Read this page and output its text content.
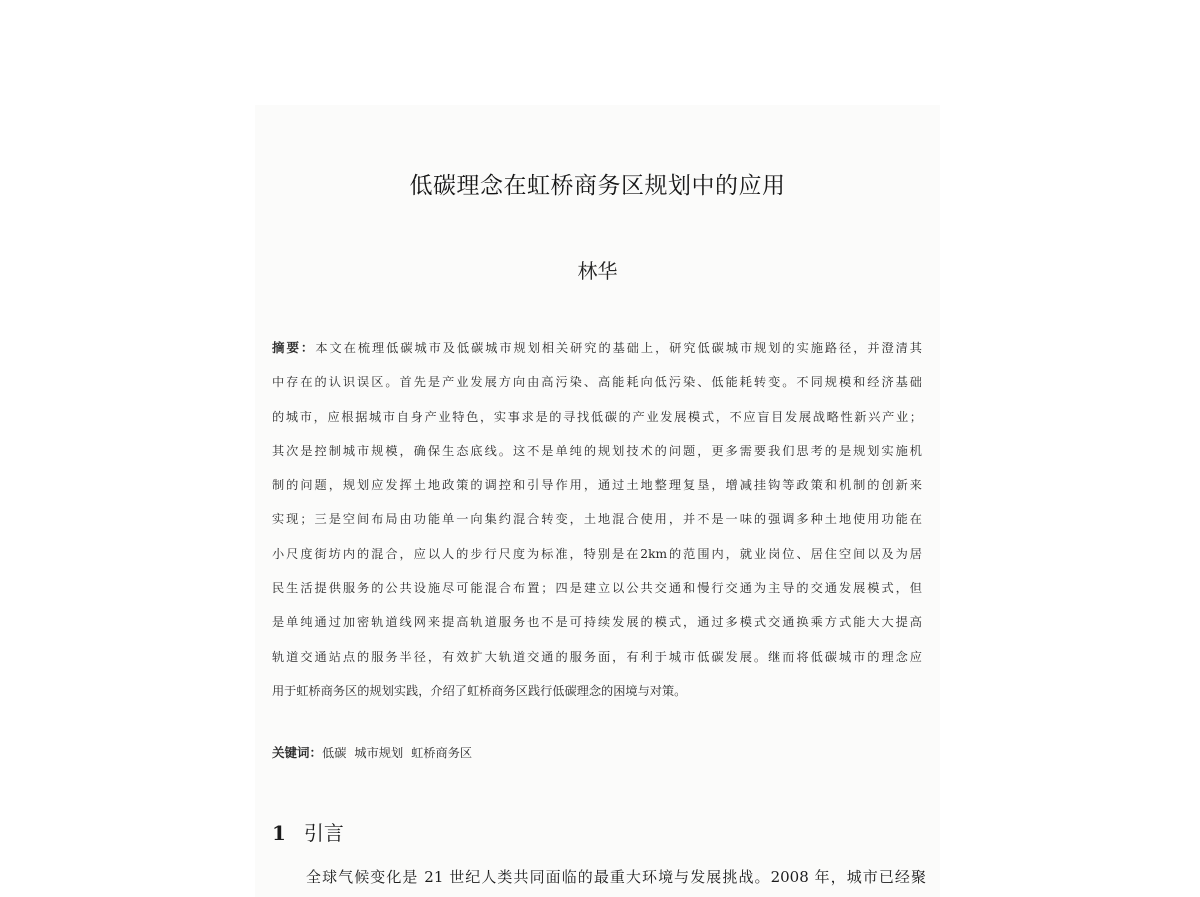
低碳理念在虹桥商务区规划中的应用
林华
摘要：本文在梳理低碳城市及低碳城市规划相关研究的基础上，研究低碳城市规划的实施路径，并澄清其
中存在的认识误区。首先是产业发展方向由高污染、高能耗向低污染、低能耗转变。不同规模和经济基础
的城市，应根据城市自身产业特色，实事求是的寻找低碳的产业发展模式，不应盲目发展战略性新兴产业；
其次是控制城市规模，确保生态底线。这不是单纯的规划技术的问题，更多需要我们思考的是规划实施机
制的问题，规划应发挥土地政策的调控和引导作用，通过土地整理复垦，增减挂钩等政策和机制的创新来
实现；三是空间布局由功能单一向集约混合转变，土地混合使用，并不是一味的强调多种土地使用功能在
小尺度街坊内的混合，应以人的步行尺度为标准，特别是在2km的范围内，就业岗位、居住空间以及为居
民生活提供服务的公共设施尽可能混合布置；四是建立以公共交通和慢行交通为主导的交通发展模式，但
是单纯通过加密轨道线网来提高轨道服务也不是可持续发展的模式，通过多模式交通换乘方式能大大提高
轨道交通站点的服务半径，有效扩大轨道交通的服务面，有利于城市低碳发展。继而将低碳城市的理念应
用于虹桥商务区的规划实践，介绍了虹桥商务区践行低碳理念的困境与对策。
关键词：低碳 城市规划 虹桥商务区
1 引言
全球气候变化是 21 世纪人类共同面临的最重大环境与发展挑战。2008 年，城市已经聚
